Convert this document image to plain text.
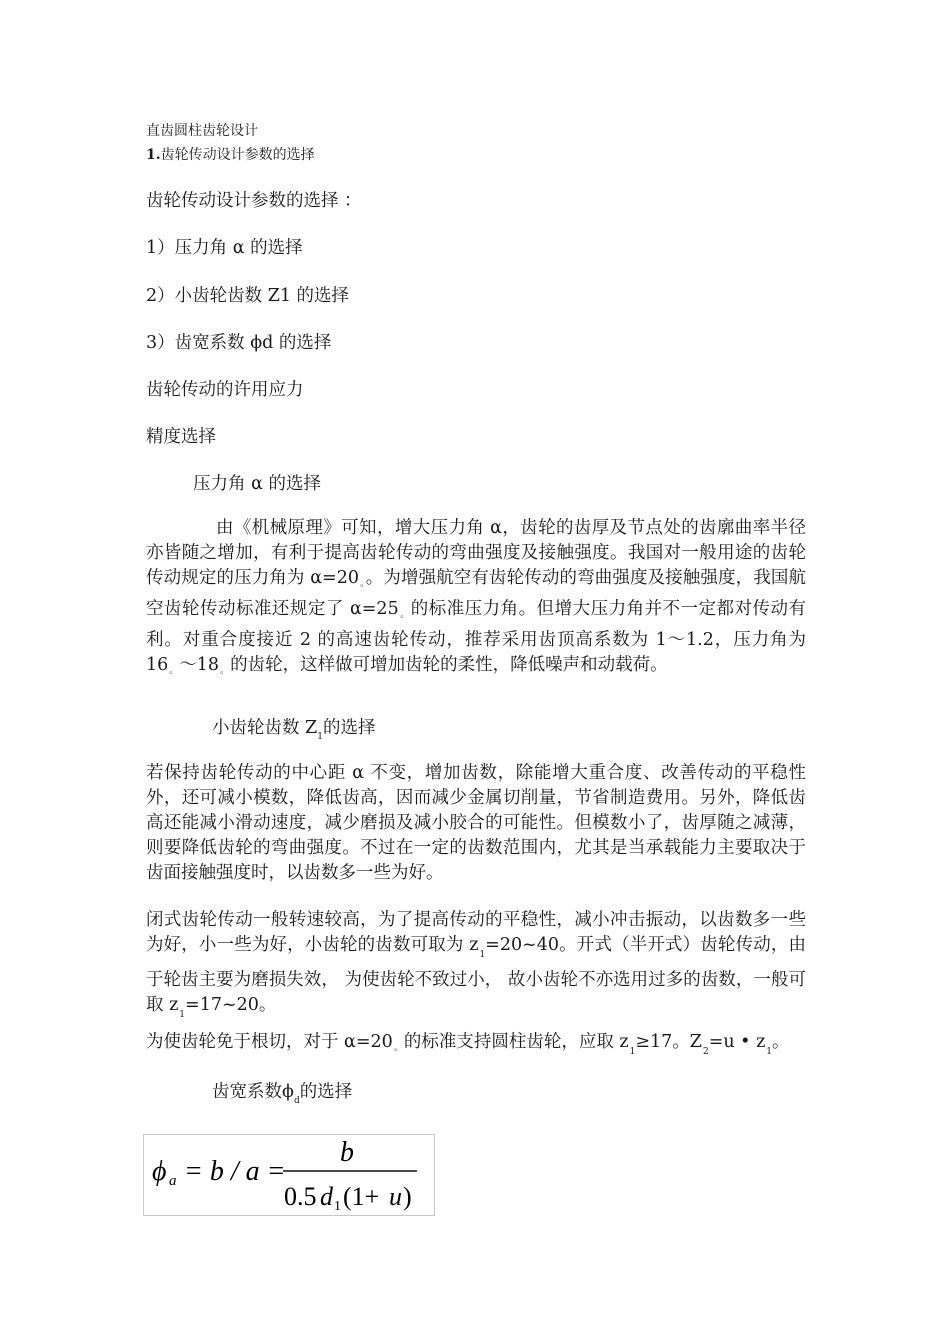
直齿圆柱齿轮设计
1.齿轮传动设计参数的选择
齿轮传动设计参数的选择 ：
1）压力角 α 的选择
2）小齿轮齿数 Z1 的选择
3）齿宽系数 ϕd 的选择
齿轮传动的许用应力
精度选择
压力角 α 的选择
由《机械原理》可知，增大压力角 α，齿轮的齿厚及节点处的齿廓曲率半径亦皆随之增加，有利于提高齿轮传动的弯曲强度及接触强度。我国对一般用途的齿轮传动规定的压力角为 α=20。。为增强航空有齿轮传动的弯曲强度及接触强度，我国航空齿轮传动标准还规定了 α=25。的标准压力角。但增大压力角并不一定都对传动有利。对重合度接近 2 的高速齿轮传动，推荐采用齿顶高系数为 1～1.2，压力角为 16。～18。的齿轮，这样做可增加齿轮的柔性，降低噪声和动载荷。
小齿轮齿数 $Z_1$的选择
若保持齿轮传动的中心距 α 不变，增加齿数，除能增大重合度、改善传动的平稳性外，还可减小模数，降低齿高，因而减少金属切削量，节省制造费用。另外，降低齿高还能减小滑动速度，减少磨损及减小胶合的可能性。但模数小了，齿厚随之减薄，则要降低齿轮的弯曲强度。不过在一定的齿数范围内，尤其是当承载能力主要取决于齿面接触强度时，以齿数多一些为好。
闭式齿轮传动一般转速较高，为了提高传动的平稳性，减小冲击振动，以齿数多一些为好，小一些为好，小齿轮的齿数可取为 $z_1=20\sim 40$。开式（半开式）齿轮传动，由于轮齿主要为磨损失效， 为使齿轮不致过小， 故小齿轮不亦选用过多的齿数，一般可取 $z_1=17\sim 20$。
为使齿轮免于根切，对于 α=20。的标准支持圆柱齿轮，应取 $z_1\ge 17$。$Z_2=u$ • $z_1$。
齿宽系数$\phi_d$的选择
ϕ a = b / a =
b
0.5 d 1 (1+ u )
